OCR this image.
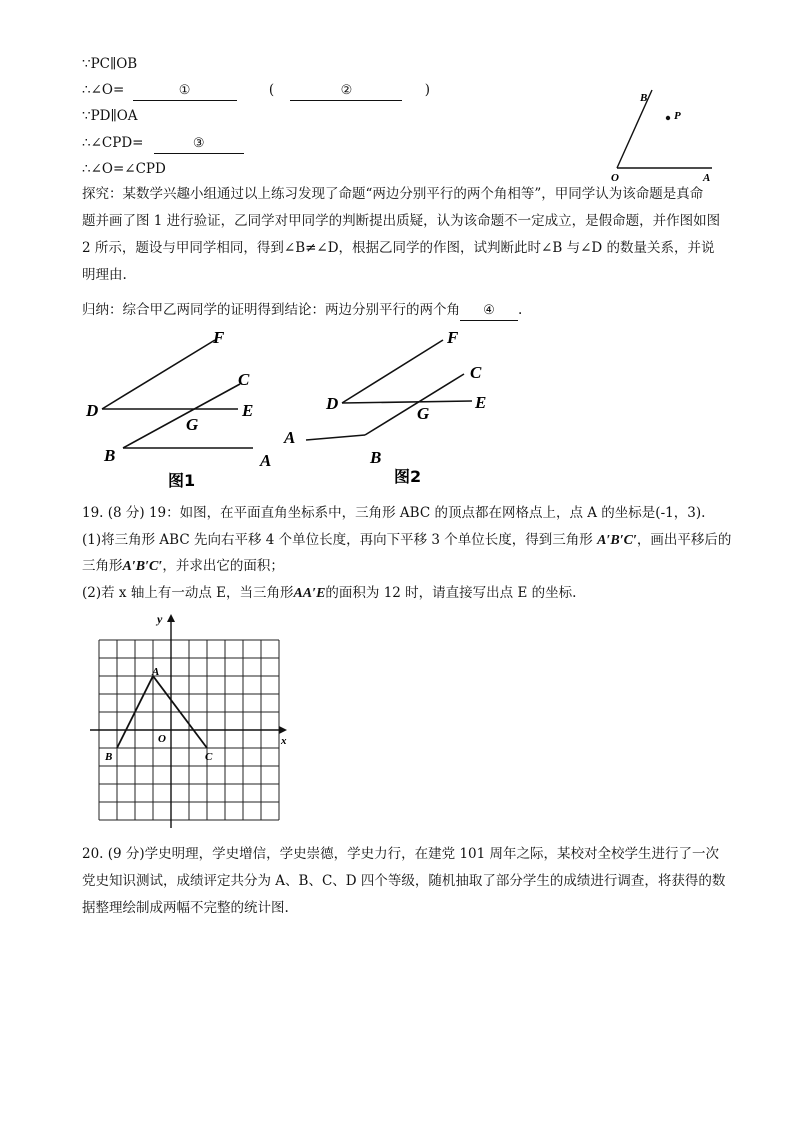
∵PC∥OB
∴∠O=	①	(	②	)
∵PD∥OA
∴∠CPD=	③
∴∠O=∠CPD
B
P
O	A
探究：某数学兴趣小组通过以上练习发现了命题“两边分别平行的两个角相等”，甲同学认为该命题是真命
题并画了图 1 进行验证，乙同学对甲同学的判断提出质疑，认为该命题不一定成立，是假命题，并作图如图
2 所示，题设与甲同学相同，得到∠B≠∠D，根据乙同学的作图，试判断此时∠B 与∠D 的数量关系，并说
明理由.
归纳：综合甲乙两同学的证明得到结论：两边分别平行的两个角 ④ .
F
C
D	E
G
B	A
图1
F
C
D	E
G
A
B
图2
19. (8 分) 19：如图，在平面直角坐标系中，三角形 ABC 的顶点都在网格点上，点 A 的坐标是(-1，3).
(1)将三角形 ABC 先向右平移 4 个单位长度，再向下平移 3 个单位长度，得到三角形 A′B′C′，画出平移后的
三角形A′B′C′，并求出它的面积；
(2)若 x 轴上有一动点 E，当三角形AA′E的面积为 12 时，请直接写出点 E 的坐标.
y
x
A
B	C
O
20. (9 分)学史明理，学史增信，学史崇德，学史力行，在建党 101 周年之际，某校对全校学生进行了一次
党史知识测试，成绩评定共分为 A、B、C、D 四个等级，随机抽取了部分学生的成绩进行调查，将获得的数
据整理绘制成两幅不完整的统计图.
